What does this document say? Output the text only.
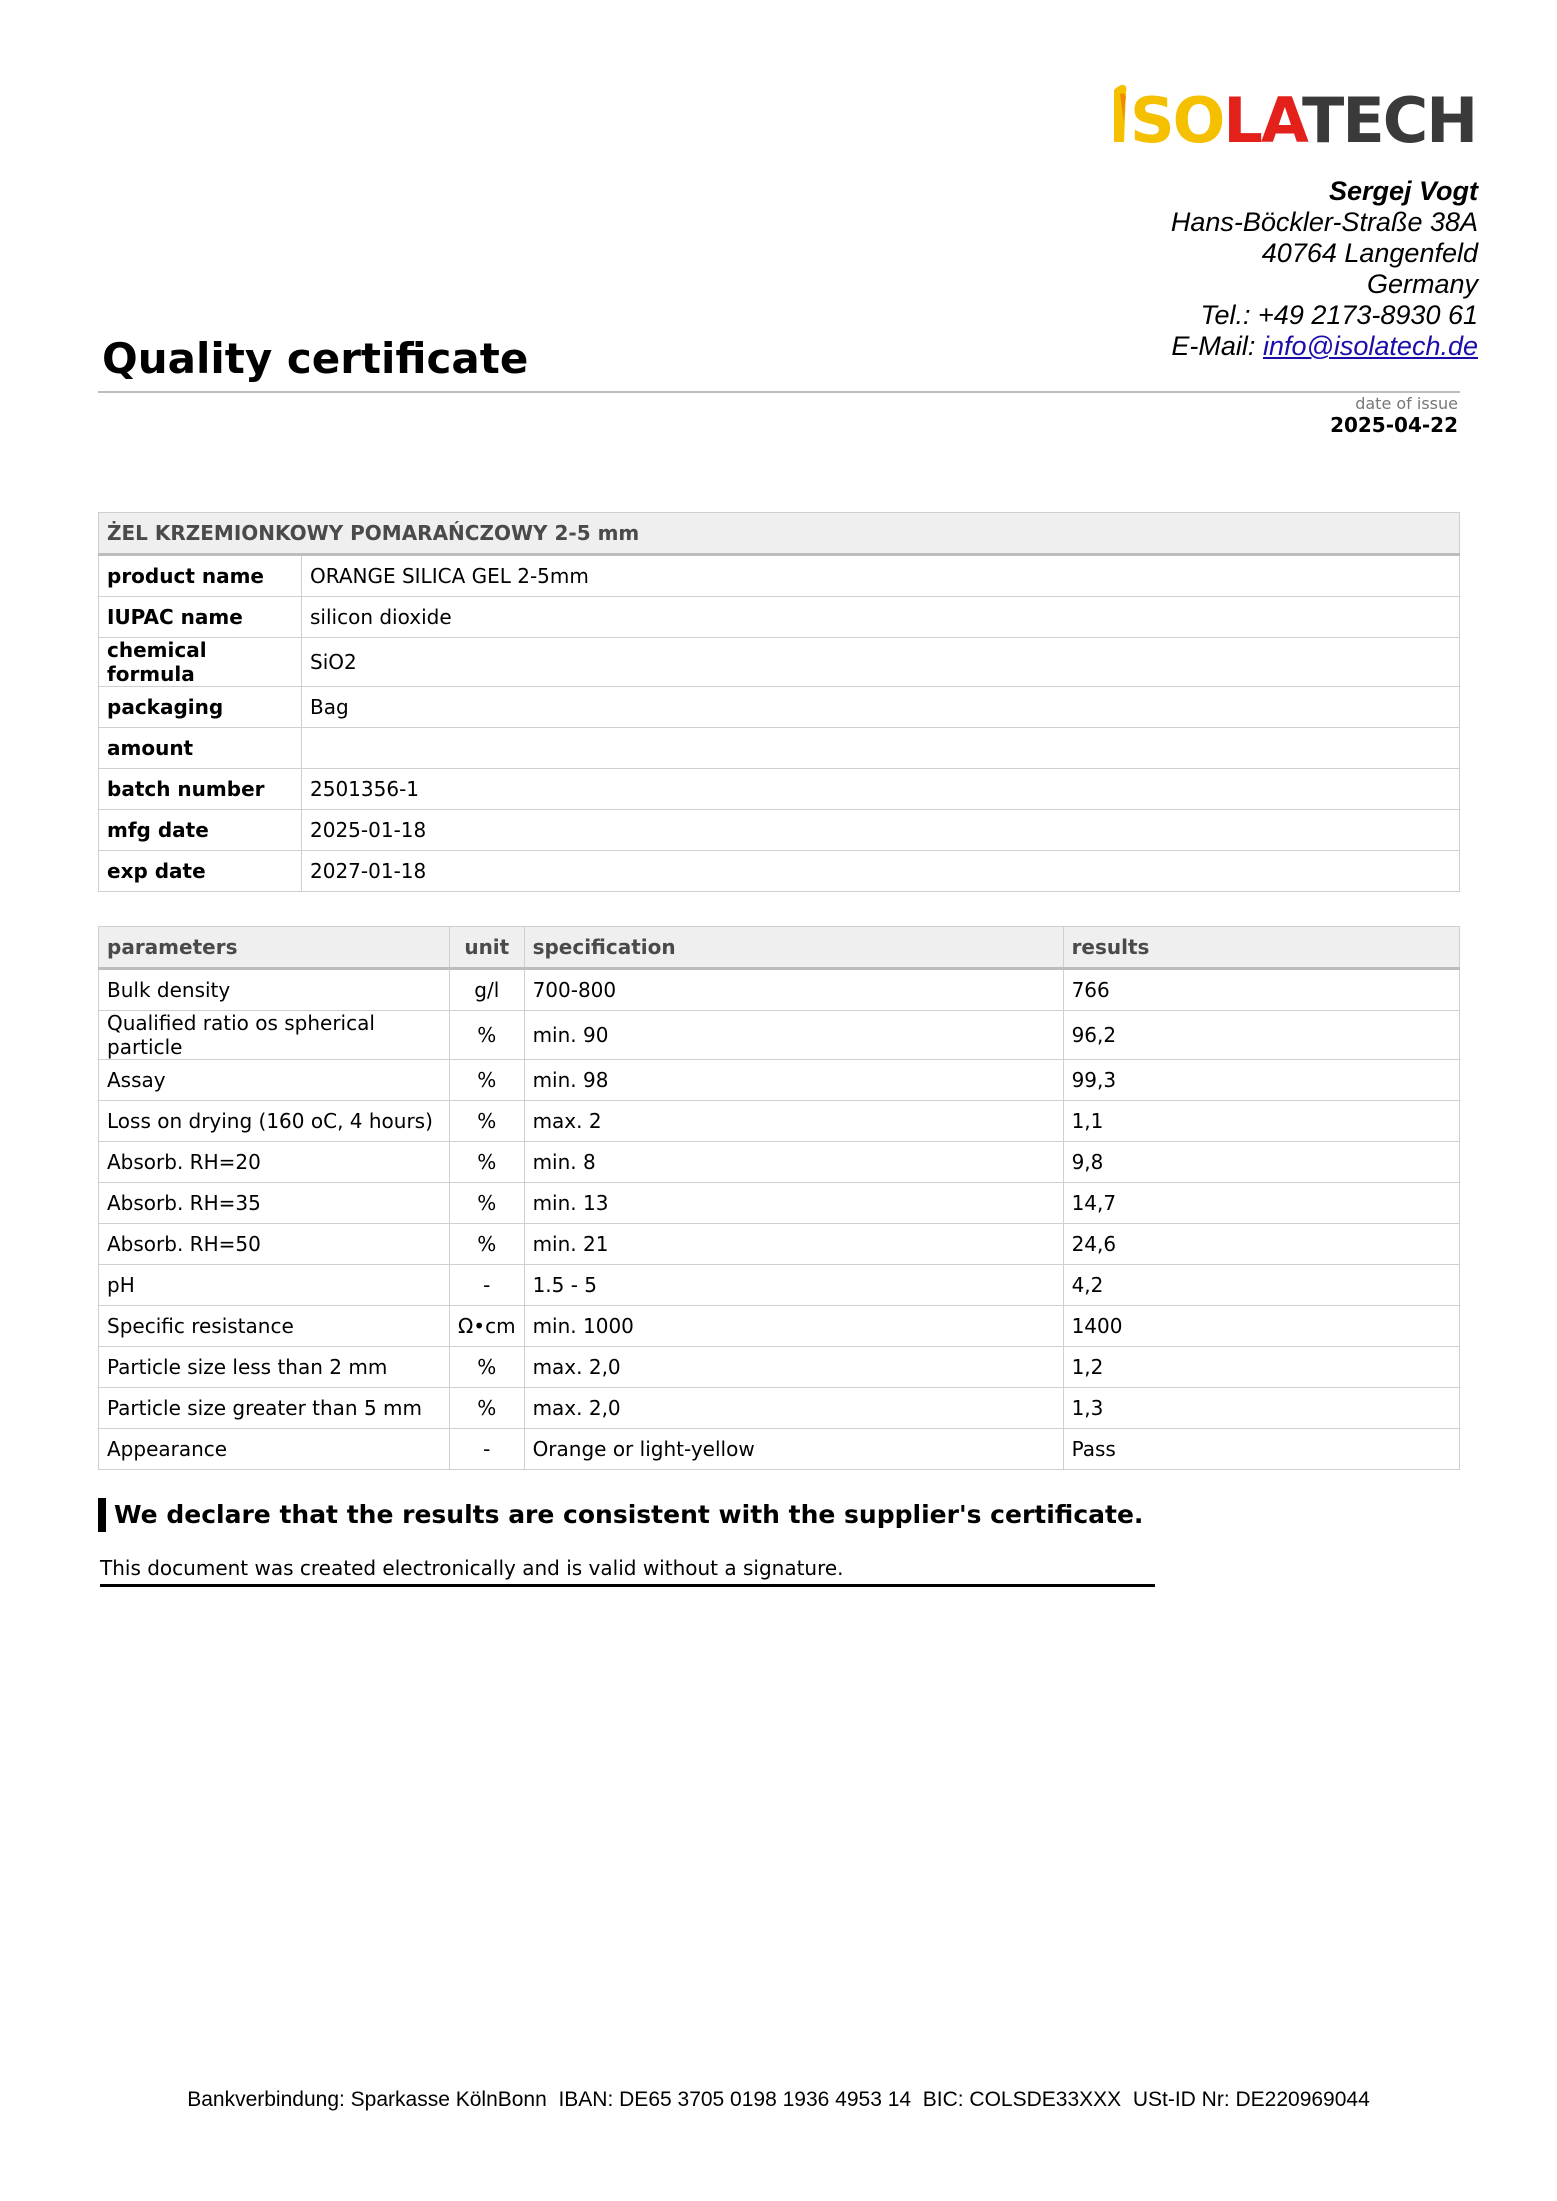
SOLATECH
Sergej Vogt
Hans-Böckler-Straße 38A
40764 Langenfeld
Germany
Tel.: +49 2173-8930 61
E-Mail: info@isolatech.de
Quality certificate
date of issue
2025-04-22
ŻEL KRZEMIONKOWY POMARAŃCZOWY 2-5 mm	
product name	ORANGE SILICA GEL 2-5mm
IUPAC name	silicon dioxide
chemical formula	SiO2
packaging	Bag
amount	
batch number	2501356-1
mfg date	2025-01-18
exp date	2027-01-18
parameters	unit	specification	results
Bulk density	g/l	700-800	766
Qualified ratio os spherical particle	%	min. 90	96,2
Assay	%	min. 98	99,3
Loss on drying (160 oC, 4 hours)	%	max. 2	1,1
Absorb. RH=20	%	min. 8	9,8
Absorb. RH=35	%	min. 13	14,7
Absorb. RH=50	%	min. 21	24,6
pH	-	1.5 - 5	4,2
Specific resistance	Ω•cm	min. 1000	1400
Particle size less than 2 mm	%	max. 2,0	1,2
Particle size greater than 5 mm	%	max. 2,0	1,3
Appearance	-	Orange or light-yellow	Pass
We declare that the results are consistent with the supplier's certificate.
This document was created electronically and is valid without a signature.
Bankverbindung: Sparkasse KölnBonn  IBAN: DE65 3705 0198 1936 4953 14  BIC: COLSDE33XXX  USt-ID Nr: DE220969044
